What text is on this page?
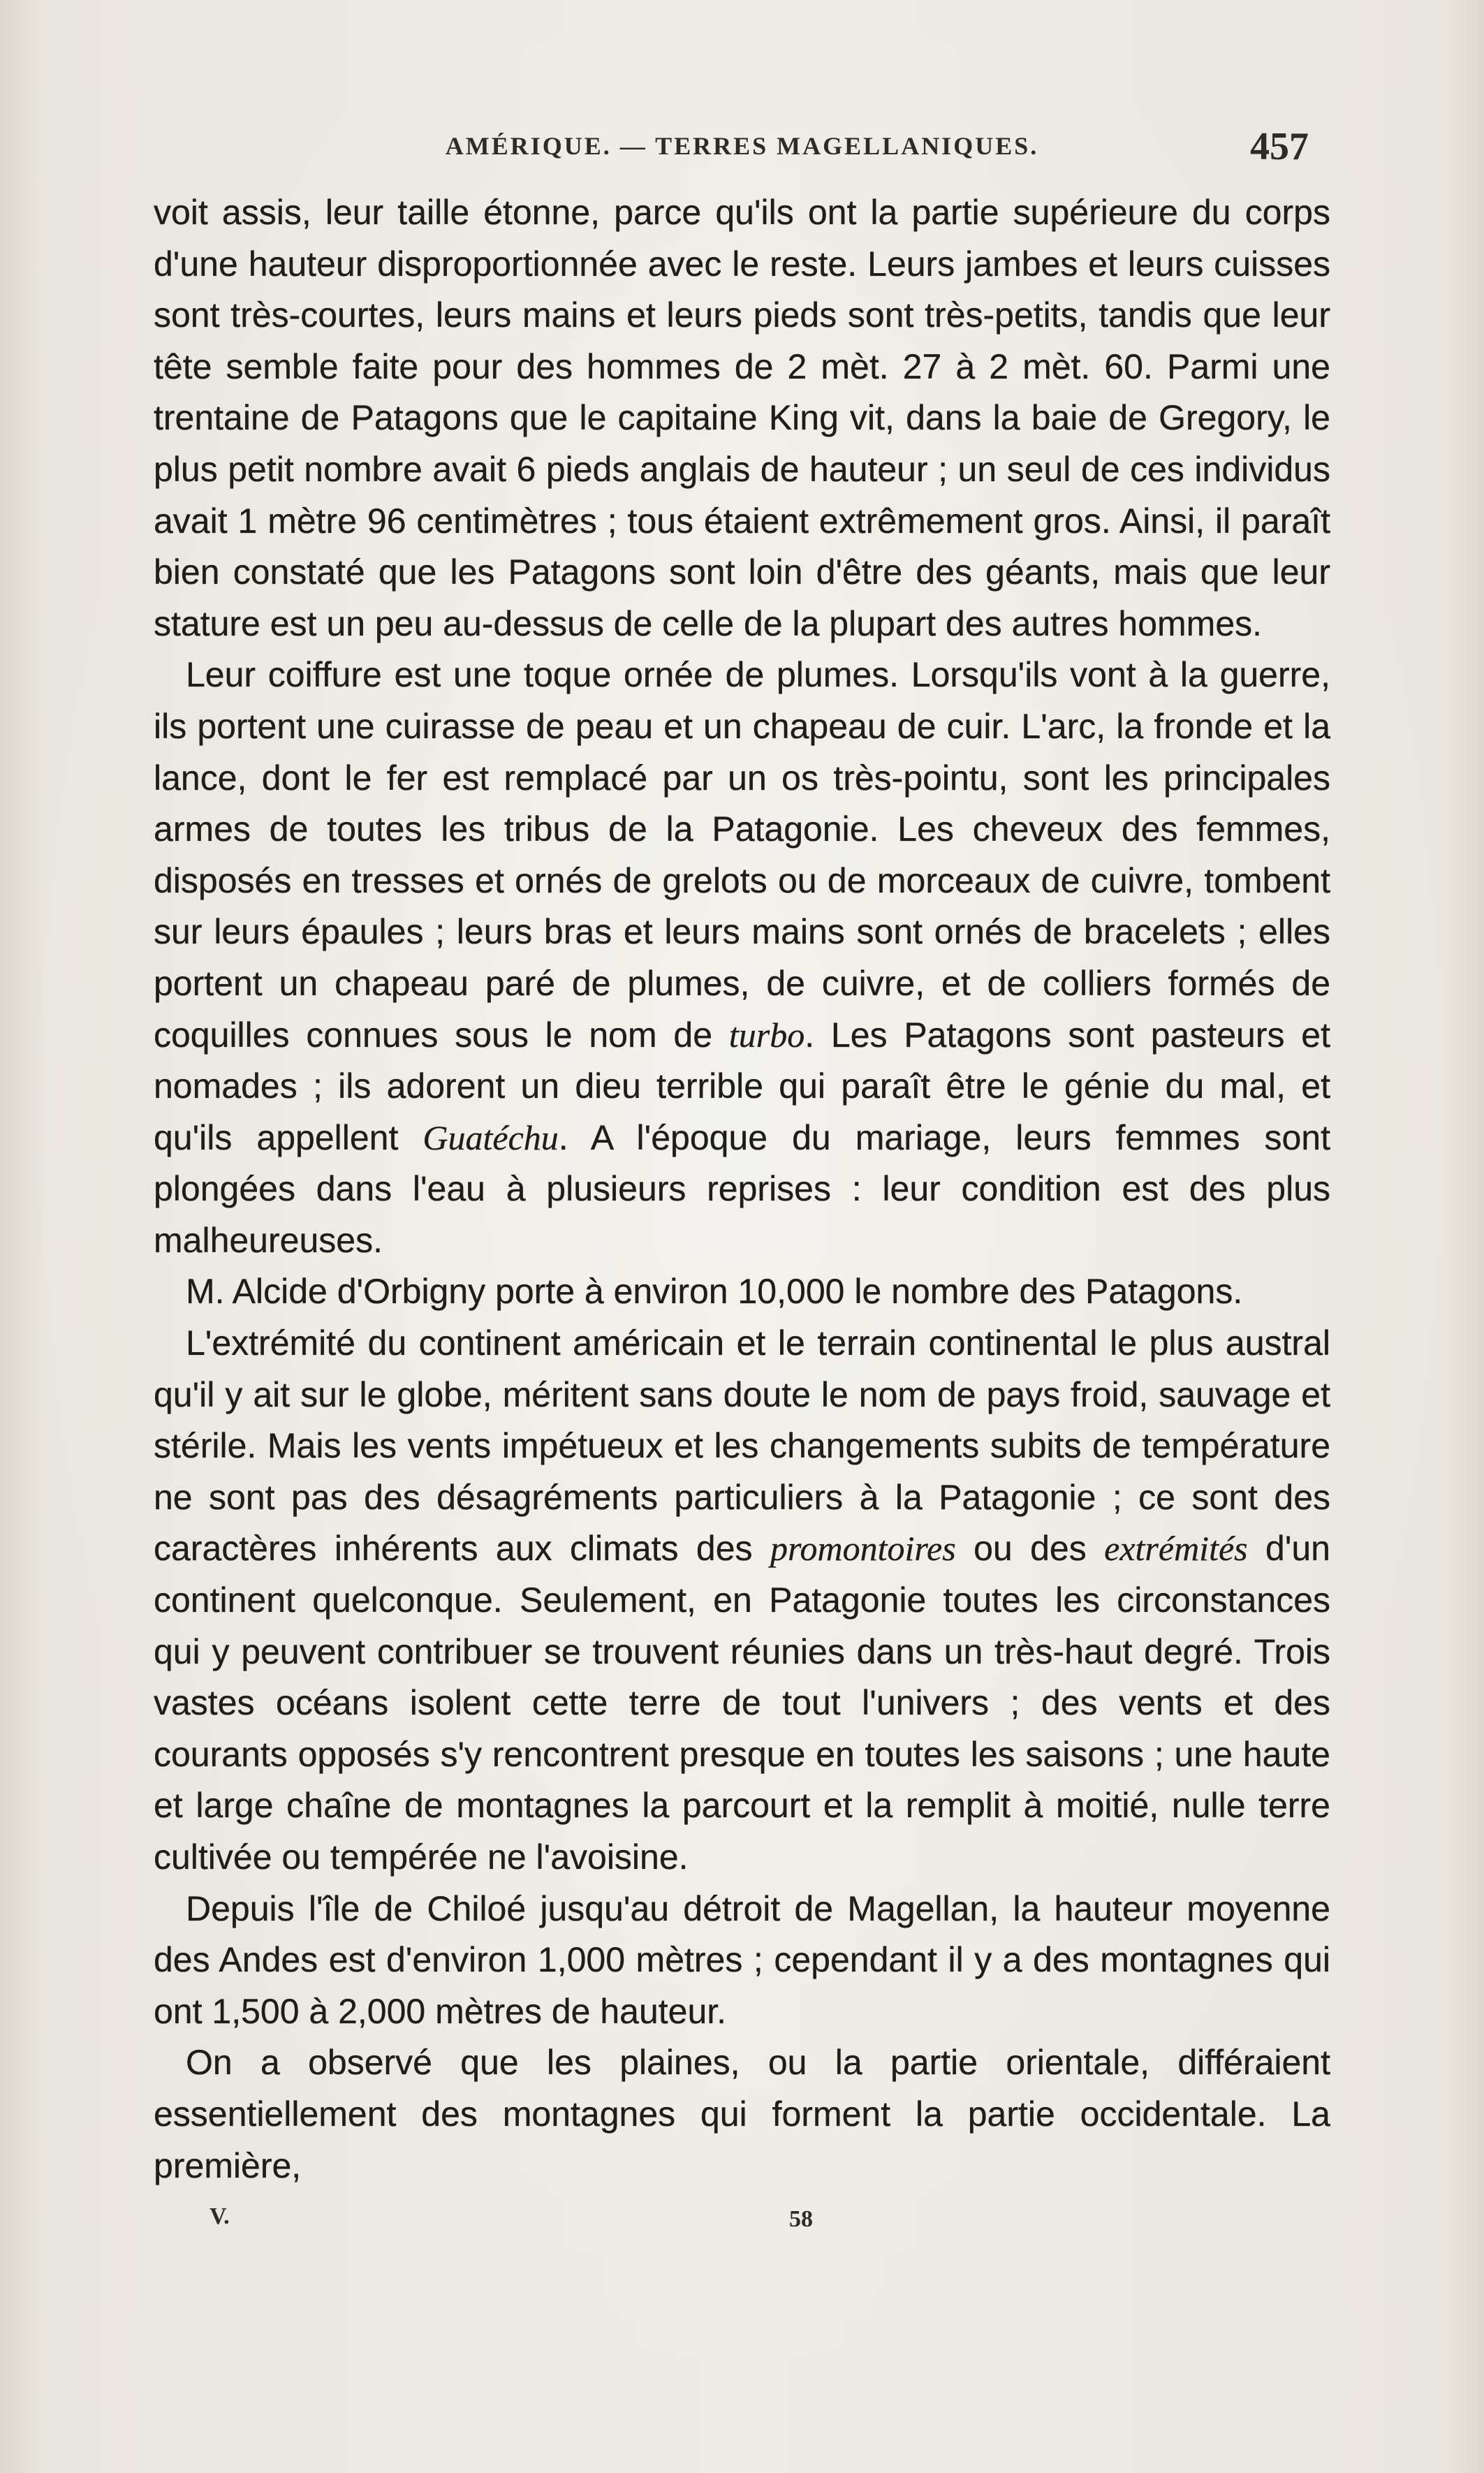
AMÉRIQUE. — TERRES MAGELLANIQUES.	457

voit assis, leur taille étonne, parce qu'ils ont la partie supérieure du corps d'une hauteur disproportionnée avec le reste. Leurs jambes et leurs cuisses sont très-courtes, leurs mains et leurs pieds sont très-petits, tandis que leur tête semble faite pour des hommes de 2 mèt. 27 à 2 mèt. 60. Parmi une trentaine de Patagons que le capitaine King vit, dans la baie de Gregory, le plus petit nombre avait 6 pieds anglais de hauteur ; un seul de ces individus avait 1 mètre 96 centimètres ; tous étaient extrêmement gros. Ainsi, il paraît bien constaté que les Patagons sont loin d'être des géants, mais que leur stature est un peu au-dessus de celle de la plupart des autres hommes.

Leur coiffure est une toque ornée de plumes. Lorsqu'ils vont à la guerre, ils portent une cuirasse de peau et un chapeau de cuir. L'arc, la fronde et la lance, dont le fer est remplacé par un os très-pointu, sont les principales armes de toutes les tribus de la Patagonie. Les cheveux des femmes, disposés en tresses et ornés de grelots ou de morceaux de cuivre, tombent sur leurs épaules ; leurs bras et leurs mains sont ornés de bracelets ; elles portent un chapeau paré de plumes, de cuivre, et de colliers formés de coquilles connues sous le nom de turbo. Les Patagons sont pasteurs et nomades ; ils adorent un dieu terrible qui paraît être le génie du mal, et qu'ils appellent Guatéchu. A l'époque du mariage, leurs femmes sont plongées dans l'eau à plusieurs reprises : leur condition est des plus malheureuses.

M. Alcide d'Orbigny porte à environ 10,000 le nombre des Patagons.

L'extrémité du continent américain et le terrain continental le plus austral qu'il y ait sur le globe, méritent sans doute le nom de pays froid, sauvage et stérile. Mais les vents impétueux et les changements subits de température ne sont pas des désagréments particuliers à la Patagonie ; ce sont des caractères inhérents aux climats des promontoires ou des extrémités d'un continent quelconque. Seulement, en Patagonie toutes les circonstances qui y peuvent contribuer se trouvent réunies dans un très-haut degré. Trois vastes océans isolent cette terre de tout l'univers ; des vents et des courants opposés s'y rencontrent presque en toutes les saisons ; une haute et large chaîne de montagnes la parcourt et la remplit à moitié, nulle terre cultivée ou tempérée ne l'avoisine.

Depuis l'île de Chiloé jusqu'au détroit de Magellan, la hauteur moyenne des Andes est d'environ 1,000 mètres ; cependant il y a des montagnes qui ont 1,500 à 2,000 mètres de hauteur.

On a observé que les plaines, ou la partie orientale, différaient essentiellement des montagnes qui forment la partie occidentale. La première,

V.	58
